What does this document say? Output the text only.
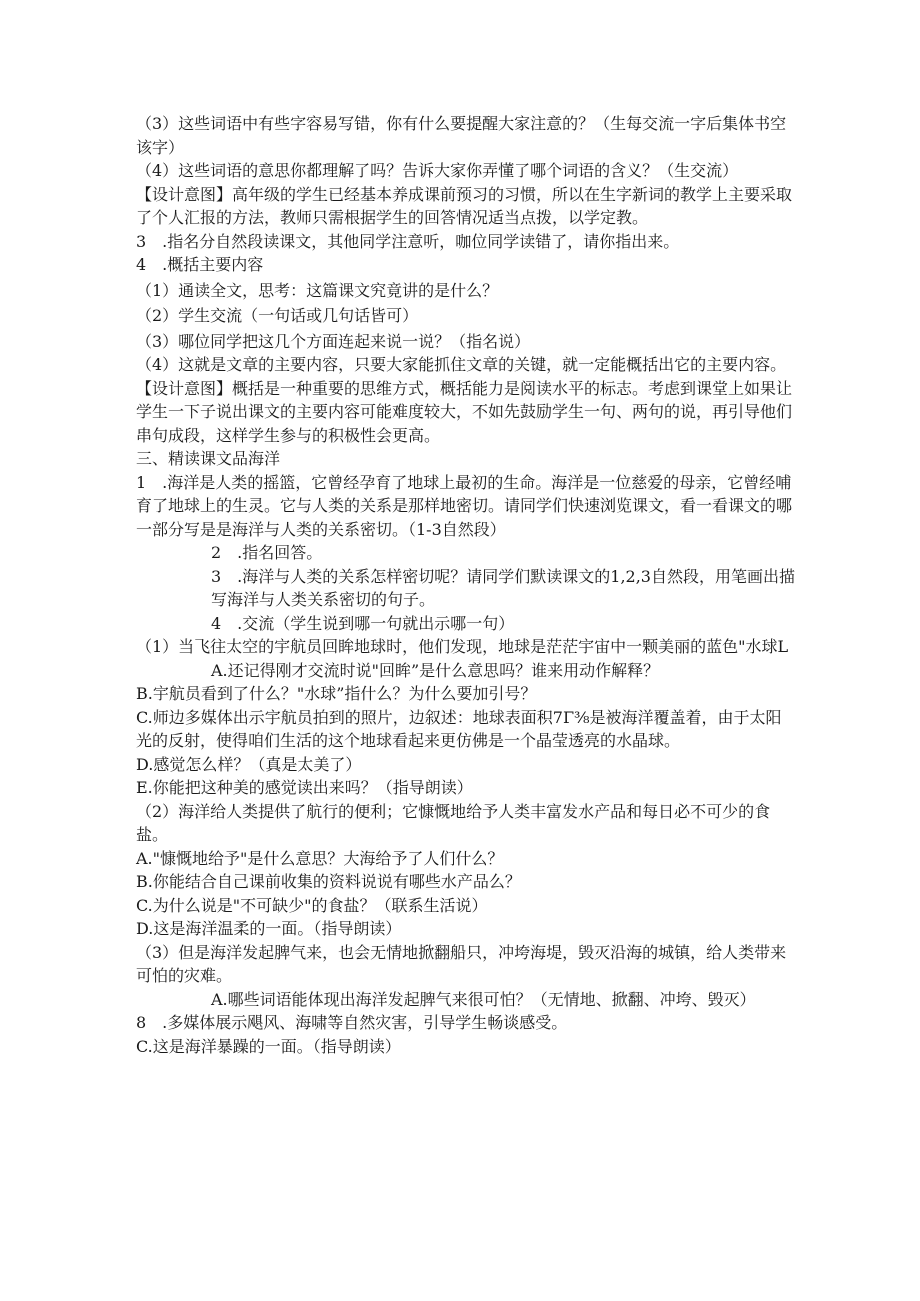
（3）这些词语中有些字容易写错，你有什么要提醒大家注意的？（生每交流一字后集体书空该字）

（4）这些词语的意思你都理解了吗？告诉大家你弄懂了哪个词语的含义？（生交流）

【设计意图】高年级的学生已经基本养成课前预习的习惯，所以在生字新词的教学上主要采取了个人汇报的方法，教师只需根据学生的回答情况适当点拨，以学定教。

3　.指名分自然段读课文，其他同学注意听，咖位同学读错了，请你指出来。

4　.概括主要内容

（1）通读全文，思考：这篇课文究竟讲的是什么？

（2）学生交流（一句话或几句话皆可）

（3）哪位同学把这几个方面连起来说一说？（指名说）

（4）这就是文章的主要内容，只要大家能抓住文章的关键，就一定能概括出它的主要内容。

【设计意图】概括是一种重要的思维方式，概括能力是阅读水平的标志。考虑到课堂上如果让学生一下子说出课文的主要内容可能难度较大，不如先鼓励学生一句、两句的说，再引导他们串句成段，这样学生参与的积极性会更高。

三、精读课文品海洋

1　.海洋是人类的摇篮，它曾经孕育了地球上最初的生命。海洋是一位慈爱的母亲，它曾经哺育了地球上的生灵。它与人类的关系是那样地密切。请同学们快速浏览课文，看一看课文的哪一部分写是是海洋与人类的关系密切。（1-3自然段）

2　.指名回答。

3　.海洋与人类的关系怎样密切呢？请同学们默读课文的1,2,3自然段，用笔画出描写海洋与人类关系密切的句子。

4　.交流（学生说到哪一句就出示哪一句）

（1）当飞往太空的宇航员回眸地球时，他们发现，地球是茫茫宇宙中一颗美丽的蓝色"水球L

A.还记得刚才交流时说"回眸”是什么意思吗？谁来用动作解释？

B.宇航员看到了什么？"水球”指什么？为什么要加引号？

C.师边多媒体出示宇航员拍到的照片，边叙述：地球表面积7Γ⅜是被海洋覆盖着，由于太阳光的反射，使得咱们生活的这个地球看起来更仿佛是一个晶莹透亮的水晶球。

D.感觉怎么样？（真是太美了）

E.你能把这种美的感觉读出来吗？（指导朗读）

（2）海洋给人类提供了航行的便利；它慷慨地给予人类丰富发水产品和每日必不可少的食盐。

A."慷慨地给予"是什么意思？大海给予了人们什么？

B.你能结合自己课前收集的资料说说有哪些水产品么？

C.为什么说是"不可缺少"的食盐？（联系生活说）

D.这是海洋温柔的一面。（指导朗读）

（3）但是海洋发起脾气来，也会无情地掀翻船只，冲垮海堤，毁灭沿海的城镇，给人类带来可怕的灾难。

A.哪些词语能体现出海洋发起脾气来很可怕？（无情地、掀翻、冲垮、毁灭）

8　.多媒体展示飓风、海啸等自然灾害，引导学生畅谈感受。

C.这是海洋暴躁的一面。（指导朗读）
